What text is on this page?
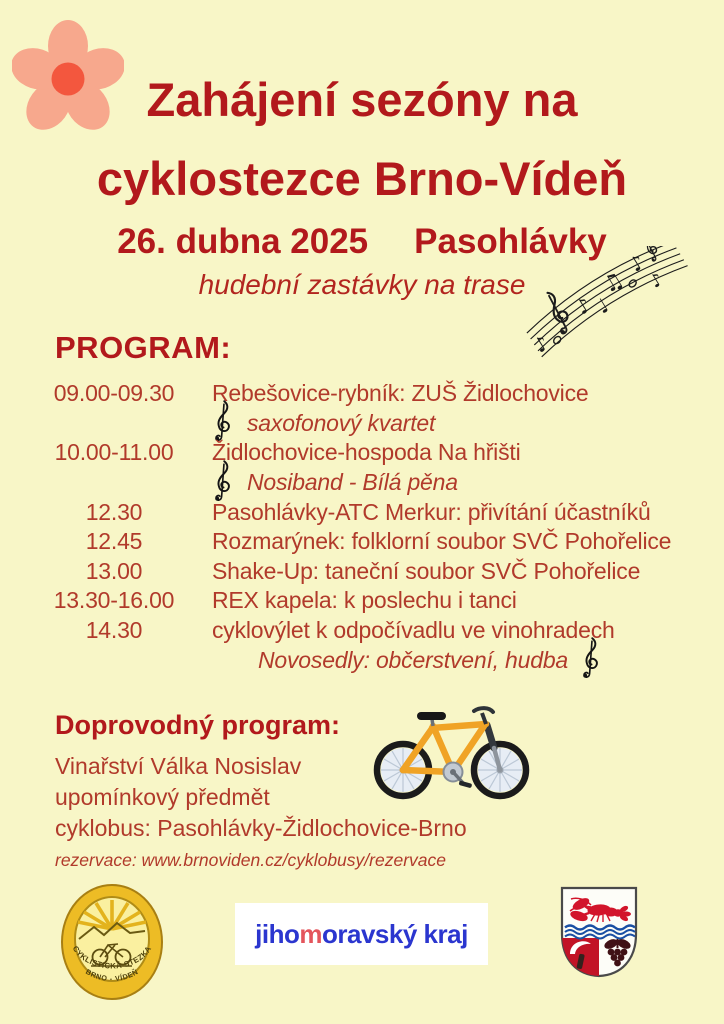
Zahájení sezóny na
cyklostezce Brno-Vídeň
26. dubna 2025 Pasohlávky
hudební zastávky na trase
♪
♪
♩
♫
♪
♪
PROGRAM:
09.00-09.30	Rebešovice-rybník: ZUŠ Židlochovice
saxofonový kvartet
10.00-11.00	Židlochovice-hospoda Na hřišti
Nosiband - Bílá pěna
12.30	Pasohlávky-ATC Merkur: přivítání účastníků
12.45	Rozmarýnek: folklorní soubor SVČ Pohořelice
13.00	Shake-Up: taneční soubor SVČ Pohořelice
13.30-16.00	REX kapela: k poslechu i tanci
14.30	cyklovýlet k odpočívadlu ve vinohradech
Novosedly: občerstvení, hudba
Doprovodný program:
Vinařství Válka Nosislav
upomínkový předmět
cyklobus: Pasohlávky-Židlochovice-Brno
rezervace: www.brnoviden.cz/cyklobusy/rezervace
CYKLISTICKÁ STEZKA
BRNO - VÍDEŇ
jiho m oravský kraj
